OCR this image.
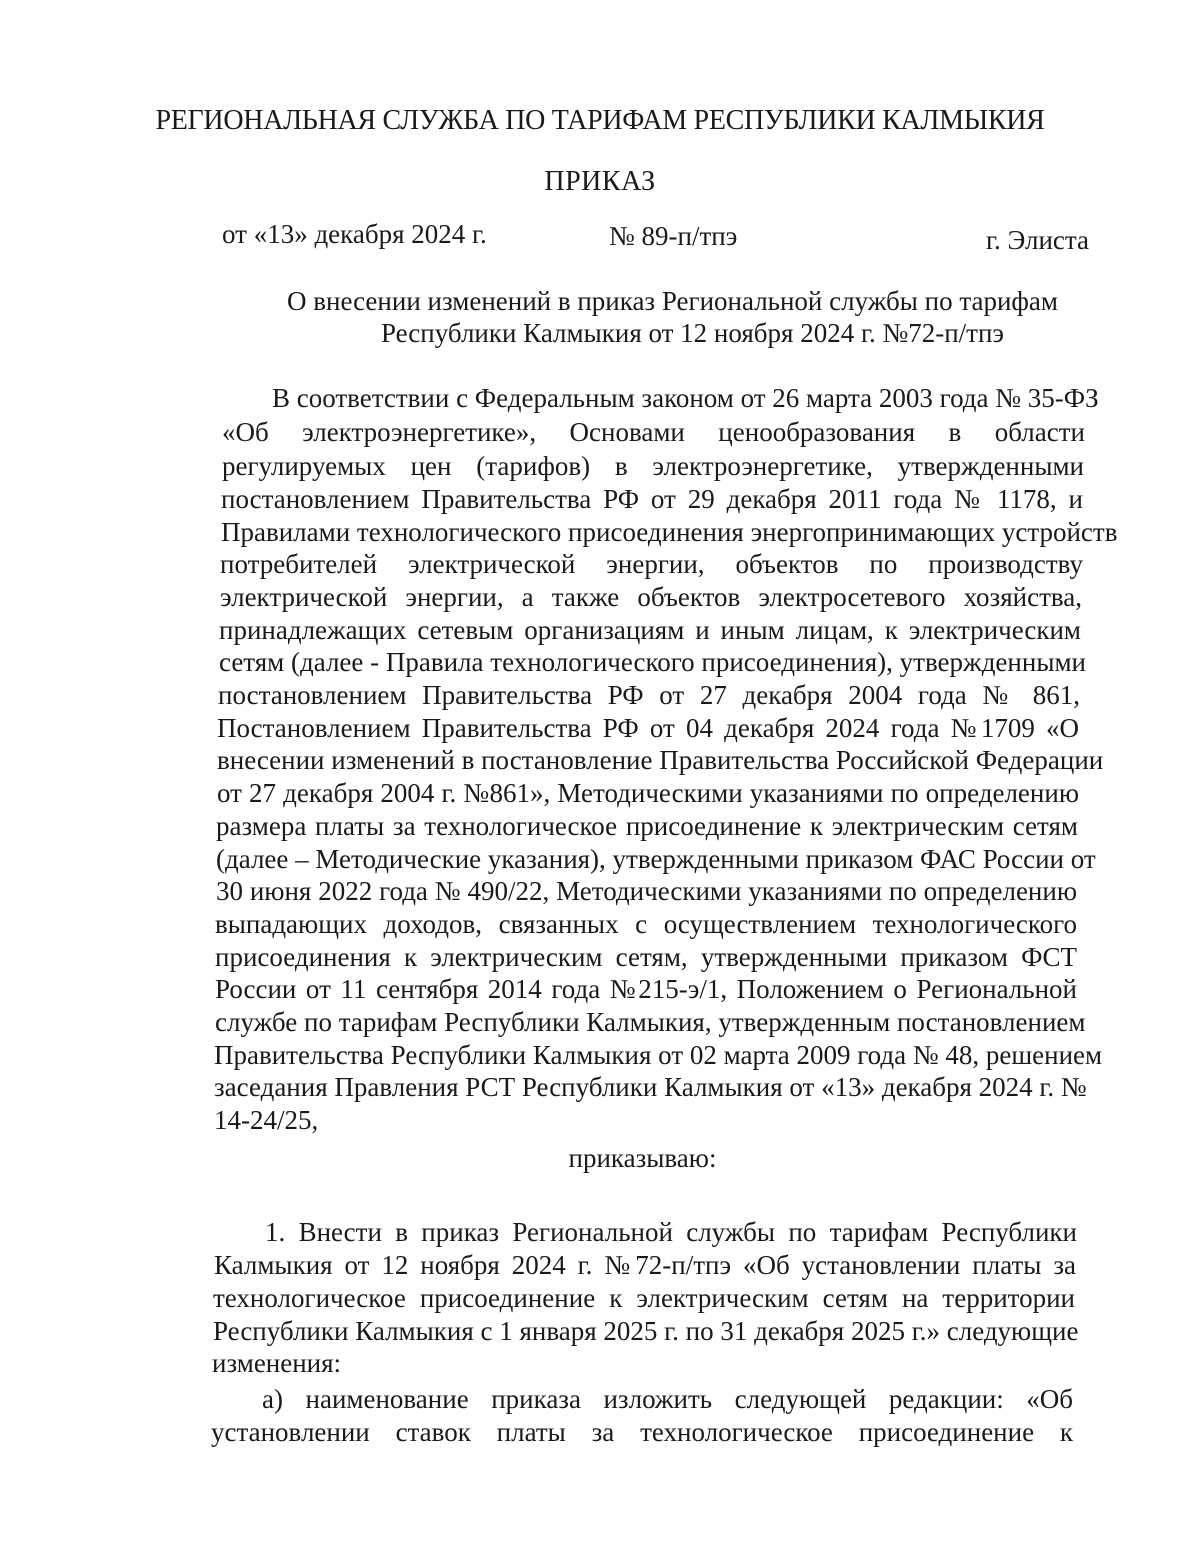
РЕГИОНАЛЬНАЯ СЛУЖБА ПО ТАРИФАМ РЕСПУБЛИКИ КАЛМЫКИЯ

ПРИКАЗ

от «13» декабря 2024 г.	№ 89-п/тпэ	г. Элиста

О внесении изменений в приказ Региональной службы по тарифам

Республики Калмыкия от 12 ноября 2024 г. №72-п/тпэ

В соответствии с Федеральным законом от 26 марта 2003 года № 35-ФЗ

«Об электроэнергетике», Основами ценообразования в области

регулируемых цен (тарифов) в электроэнергетике, утвержденными

постановлением Правительства РФ от 29 декабря 2011 года № 1178, и

Правилами технологического присоединения энергопринимающих устройств

потребителей электрической энергии, объектов по производству

электрической энергии, а также объектов электросетевого хозяйства,

принадлежащих сетевым организациям и иным лицам, к электрическим

сетям (далее - Правила технологического присоединения), утвержденными

постановлением Правительства РФ от 27 декабря 2004 года № 861,

Постановлением Правительства РФ от 04 декабря 2024 года №1709 «О

внесении изменений в постановление Правительства Российской Федерации

от 27 декабря 2004 г. №861», Методическими указаниями по определению

размера платы за технологическое присоединение к электрическим сетям

(далее – Методические указания), утвержденными приказом ФАС России от

30 июня 2022 года № 490/22, Методическими указаниями по определению

выпадающих доходов, связанных с осуществлением технологического

присоединения к электрическим сетям, утвержденными приказом ФСТ

России от 11 сентября 2014 года №215-э/1, Положением о Региональной

службе по тарифам Республики Калмыкия, утвержденным постановлением

Правительства Республики Калмыкия от 02 марта 2009 года № 48, решением

заседания Правления РСТ Республики Калмыкия от «13» декабря 2024 г. №

14-24/25,

приказываю:

1. Внести в приказ Региональной службы по тарифам Республики

Калмыкия от 12 ноября 2024 г. №72-п/тпэ «Об установлении платы за

технологическое присоединение к электрическим сетям на территории

Республики Калмыкия с 1 января 2025 г. по 31 декабря 2025 г.» следующие

изменения:

а) наименование приказа изложить следующей редакции: «Об

установлении ставок платы за технологическое присоединение к
